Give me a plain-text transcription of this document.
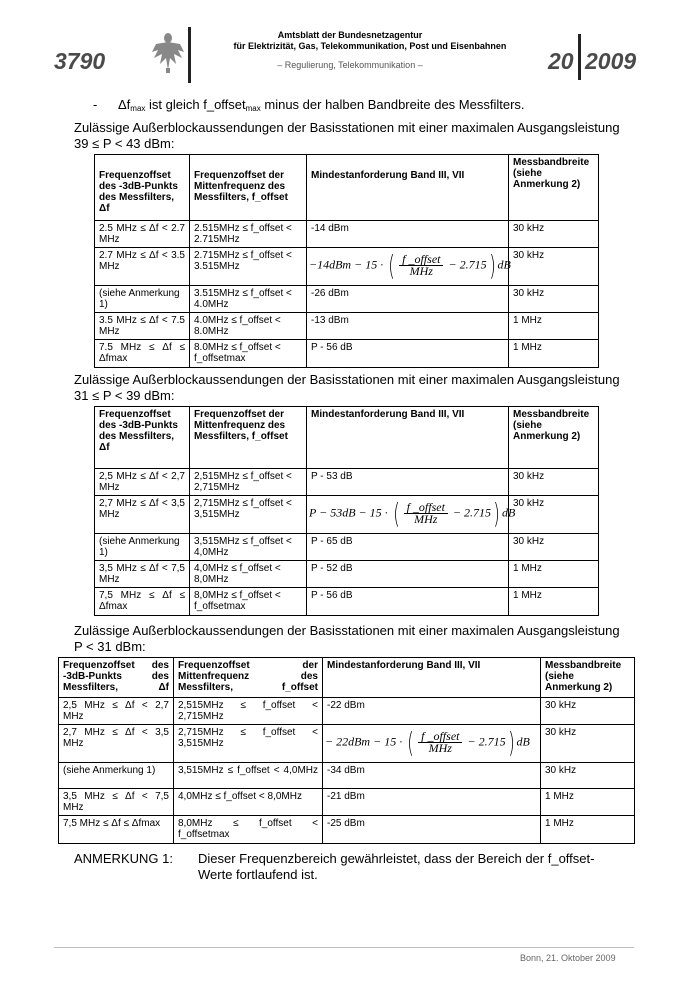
3790
Amtsblatt der Bundesnetzagentur
für Elektrizität, Gas, Telekommunikation, Post und Eisenbahnen
– Regulierung, Telekommunikation –	20 2009
- $\Delta f_{max}$ ist gleich f_offset$_{max}$ minus der halben Bandbreite des Messfilters.
Zulässige Außerblockaussendungen der Basisstationen mit einer maximalen Ausgangsleistung
39 ≤ P < 43 dBm:
Frequenzoffset des -3dB-Punkts des Messfilters, Δf	Frequenzoffset der Mittenfrequenz des Messfilters, f_offset	Mindestanforderung Band III, VII	Messbandbreite (siehe Anmerkung 2)
2.5 MHz ≤ Δf < 2.7 MHz	2.515MHz ≤ f_offset < 2.715MHz	-14 dBm	30 kHz
2.7 MHz ≤ Δf < 3.5 MHz	2.715MHz ≤ f_offset < 3.515MHz	−14dBm − 15 · ( $\frac{\text{f \_offset}}{\text{MHz}} - 2.715$) dB	30 kHz
(siehe Anmerkung 1)	3.515MHz ≤ f_offset < 4.0MHz	-26 dBm	30 kHz
3.5 MHz ≤ Δf < 7.5 MHz	4.0MHz ≤ f_offset < 8.0MHz	-13 dBm	1 MHz
7.5 MHz ≤ Δf ≤ Δfmax	8.0MHz ≤ f_offset < f_offsetmax	P - 56 dB	1 MHz
Zulässige Außerblockaussendungen der Basisstationen mit einer maximalen Ausgangsleistung
31 ≤ P < 39 dBm:
Frequenzoffset des -3dB-Punkts des Messfilters, Δf	Frequenzoffset der Mittenfrequenz des Messfilters, f_offset	Mindestanforderung Band III, VII	Messbandbreite (siehe Anmerkung 2)
2,5 MHz ≤ Δf < 2,7 MHz	2,515MHz ≤ f_offset < 2,715MHz	P - 53 dB	30 kHz
2,7 MHz ≤ Δf < 3,5 MHz	2,715MHz ≤ f_offset < 3,515MHz	P − 53dB − 15 · ( $\frac{\text{f \_offset}}{\text{MHz}} - 2.715$) dB	30 kHz
(siehe Anmerkung 1)	3,515MHz ≤ f_offset < 4,0MHz	P - 65 dB	30 kHz
3,5 MHz ≤ Δf < 7,5 MHz	4,0MHz ≤ f_offset < 8,0MHz	P - 52 dB	1 MHz
7,5 MHz ≤ Δf ≤ Δfmax	8,0MHz ≤ f_offset < f_offsetmax	P - 56 dB	1 MHz
Zulässige Außerblockaussendungen der Basisstationen mit einer maximalen Ausgangsleistung
P < 31 dBm:
Frequenzoffset des -3dB-Punkts des Messfilters, Δf	Frequenzoffset der Mittenfrequenz des Messfilters, f_offset	Mindestanforderung Band III, VII	Messbandbreite (siehe Anmerkung 2)
2,5 MHz ≤ Δf < 2,7 MHz	2,515MHz ≤ f_offset < 2,715MHz	-22 dBm	30 kHz
2,7 MHz ≤ Δf < 3,5 MHz	2,715MHz ≤ f_offset < 3,515MHz	− 22dBm − 15 · ( $\frac{\text{f \_offset}}{\text{MHz}} - 2.715$) dB	30 kHz
(siehe Anmerkung 1)	3,515MHz ≤ f_offset < 4,0MHz	-34 dBm	30 kHz
3,5 MHz ≤ Δf < 7,5 MHz	4,0MHz ≤ f_offset < 8,0MHz	-21 dBm	1 MHz
7,5 MHz ≤ Δf ≤ Δfmax	8,0MHz ≤ f_offset < f_offsetmax	-25 dBm	1 MHz
ANMERKUNG 1: Dieser Frequenzbereich gewährleistet, dass der Bereich der f_offset-Werte fortlaufend ist.
Bonn, 21. Oktober 2009
